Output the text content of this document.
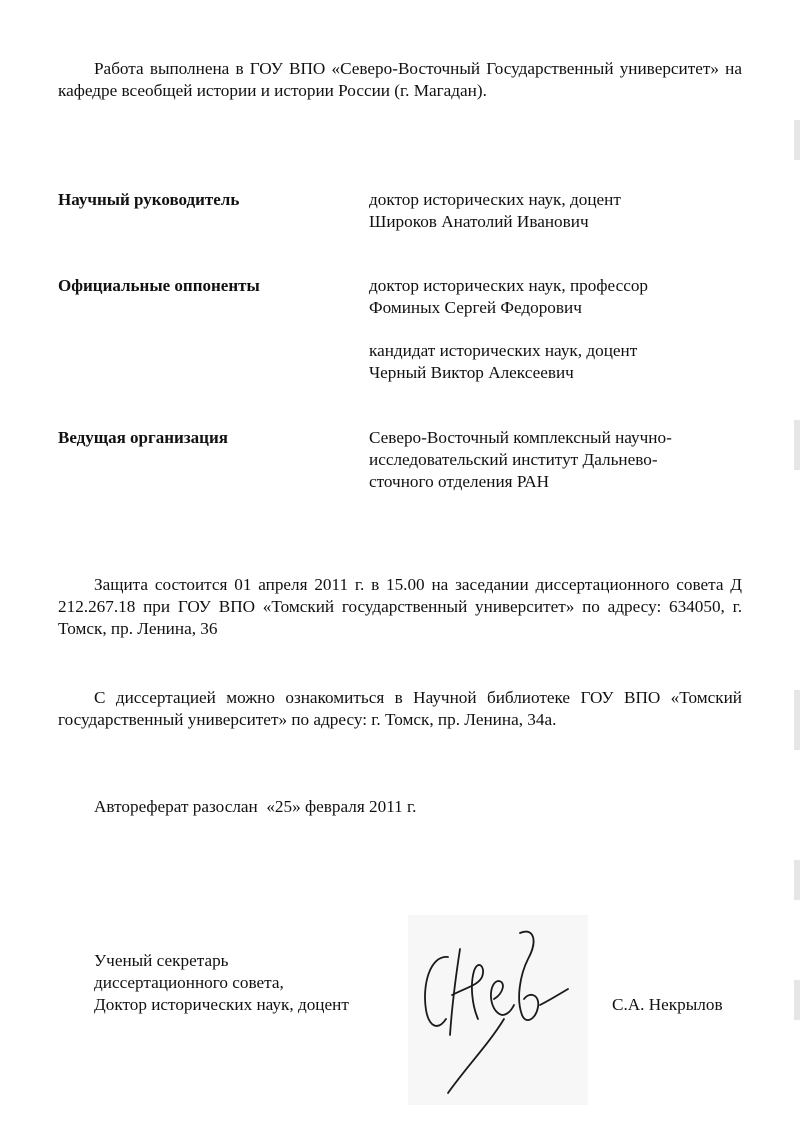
Работа выполнена в ГОУ ВПО «Северо-Восточный Государственный университет» на кафедре всеобщей истории и истории России (г. Магадан).

Научный руководитель	доктор исторических наук, доцент
Широков Анатолий Иванович
Официальные оппоненты	доктор исторических наук, профессор
Фоминых Сергей Федорович
кандидат исторических наук, доцент
Черный Виктор Алексеевич
Ведущая организация	Северо-Восточный комплексный научно-
исследовательский институт Дальнево-
сточного отделения РАН

Защита состоится 01 апреля 2011 г. в 15.00 на заседании диссертационного совета Д 212.267.18 при ГОУ ВПО «Томский государственный университет» по адресу: 634050, г. Томск, пр. Ленина, 36

С диссертацией можно ознакомиться в Научной библиотеке ГОУ ВПО «Томский государственный университет» по адресу: г. Томск, пр. Ленина, 34а.

Автореферат разослан  «25» февраля 2011 г.
Ученый секретарь
диссертационного совета,
Доктор исторических наук, доцент	С.А. Некрылов
